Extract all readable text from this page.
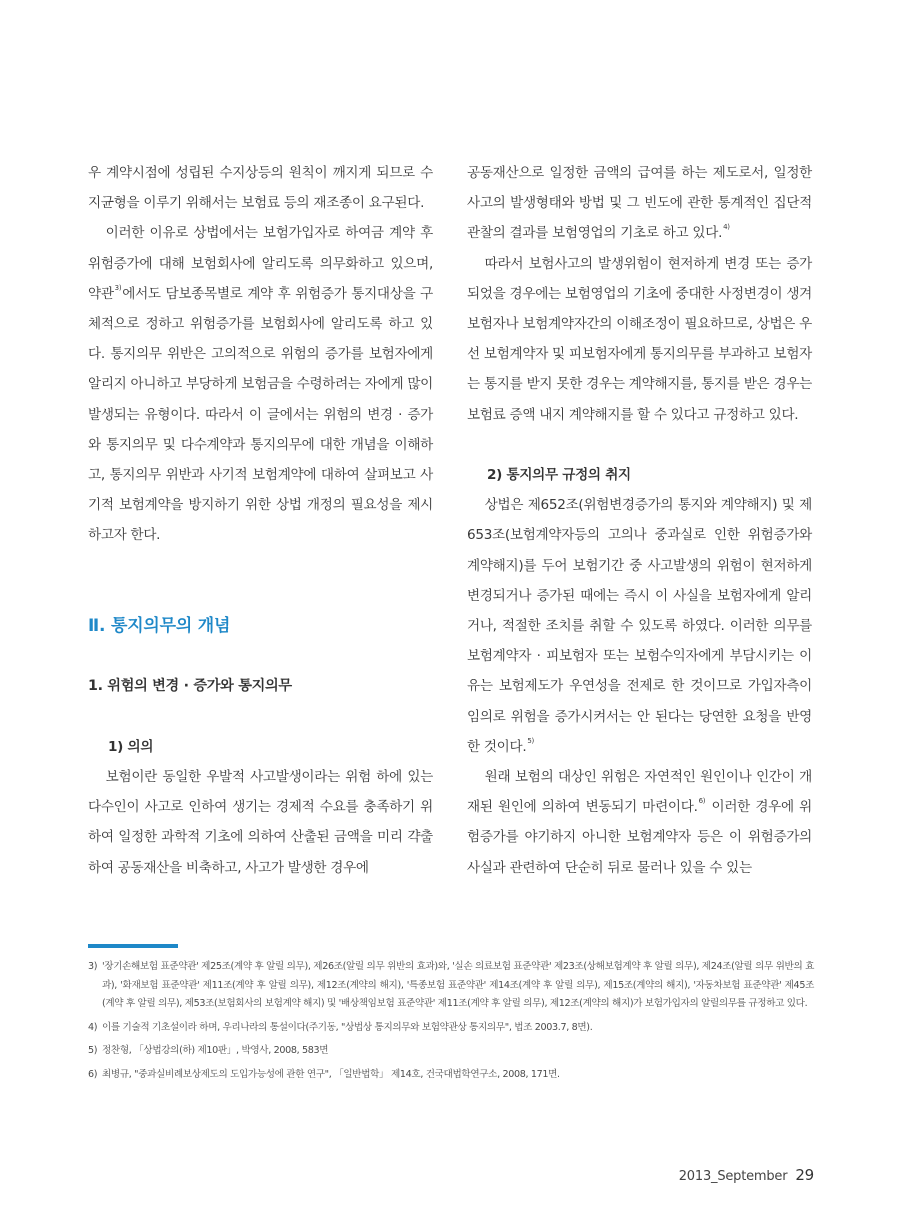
우 계약시점에 성립된 수지상등의 원칙이 깨지게 되므로 수지균형을 이루기 위해서는 보험료 등의 재조종이 요구된다.

이러한 이유로 상법에서는 보험가입자로 하여금 계약 후 위험증가에 대해 보험회사에 알리도록 의무화하고 있으며, 약관$^{3)}$에서도 담보종목별로 계약 후 위험증가 통지대상을 구체적으로 정하고 위험증가를 보험회사에 알리도록 하고 있다. 통지의무 위반은 고의적으로 위험의 증가를 보험자에게 알리지 아니하고 부당하게 보험금을 수령하려는 자에게 많이 발생되는 유형이다. 따라서 이 글에서는 위험의 변경 · 증가와 통지의무 및 다수계약과 통지의무에 대한 개념을 이해하고, 통지의무 위반과 사기적 보험계약에 대하여 살펴보고 사기적 보험계약을 방지하기 위한 상법 개정의 필요성을 제시하고자 한다.

Ⅱ. 통지의무의 개념

1. 위험의 변경 · 증가와 통지의무

1) 의의

보험이란 동일한 우발적 사고발생이라는 위험 하에 있는 다수인이 사고로 인하여 생기는 경제적 수요를 충족하기 위하여 일정한 과학적 기초에 의하여 산출된 금액을 미리 갹출하여 공동재산을 비축하고, 사고가 발생한 경우에

공동재산으로 일정한 금액의 급여를 하는 제도로서, 일정한 사고의 발생형태와 방법 및 그 빈도에 관한 통계적인 집단적 관찰의 결과를 보험영업의 기초로 하고 있다.$^{4)}$

따라서 보험사고의 발생위험이 현저하게 변경 또는 증가되었을 경우에는 보험영업의 기초에 중대한 사정변경이 생겨 보험자나 보험계약자간의 이해조정이 필요하므로, 상법은 우선 보험계약자 및 피보험자에게 통지의무를 부과하고 보험자는 통지를 받지 못한 경우는 계약해지를, 통지를 받은 경우는 보험료 증액 내지 계약해지를 할 수 있다고 규정하고 있다.

2) 통지의무 규정의 취지

상법은 제652조(위험변경증가의 통지와 계약해지) 및 제653조(보험계약자등의 고의나 중과실로 인한 위험증가와 계약해지)를 두어 보험기간 중 사고발생의 위험이 현저하게 변경되거나 증가된 때에는 즉시 이 사실을 보험자에게 알리거나, 적절한 조치를 취할 수 있도록 하였다. 이러한 의무를 보험계약자 · 피보험자 또는 보험수익자에게 부담시키는 이유는 보험제도가 우연성을 전제로 한 것이므로 가입자측이 임의로 위험을 증가시켜서는 안 된다는 당연한 요청을 반영한 것이다.$^{5)}$

원래 보험의 대상인 위험은 자연적인 원인이나 인간이 개재된 원인에 의하여 변동되기 마련이다.$^{6)}$ 이러한 경우에 위험증가를 야기하지 아니한 보험계약자 등은 이 위험증가의 사실과 관련하여 단순히 뒤로 물러나 있을 수 있는

3) '장기손해보험 표준약관' 제25조(계약 후 알릴 의무), 제26조(알릴 의무 위반의 효과)와, '실손 의료보험 표준약관' 제23조(상해보험계약 후 알릴 의무), 제24조(알릴 의무 위반의 효과), '화재보험 표준약관' 제11조(계약 후 알릴 의무), 제12조(계약의 해지), '특종보험 표준약관' 제14조(계약 후 알릴 의무), 제15조(계약의 해지), '자동차보험 표준약관' 제45조(계약 후 알릴 의무), 제53조(보험회사의 보험계약 해지) 및 '배상책임보험 표준약관' 제11조(계약 후 알릴 의무), 제12조(계약의 해지)가 보험가입자의 알릴의무를 규정하고 있다.
4) 이를 기술적 기초설이라 하며, 우리나라의 통설이다(주기동, "상법상 통지의무와 보험약관상 통지의무", 법조 2003.7, 8면).
5) 정찬형, 「상법강의(하) 제10판」, 박영사, 2008, 583면
6) 최병규, "중과실비례보상제도의 도입가능성에 관한 연구", 「일반법학」 제14호, 건국대법학연구소, 2008, 171면.
2013_September 29
